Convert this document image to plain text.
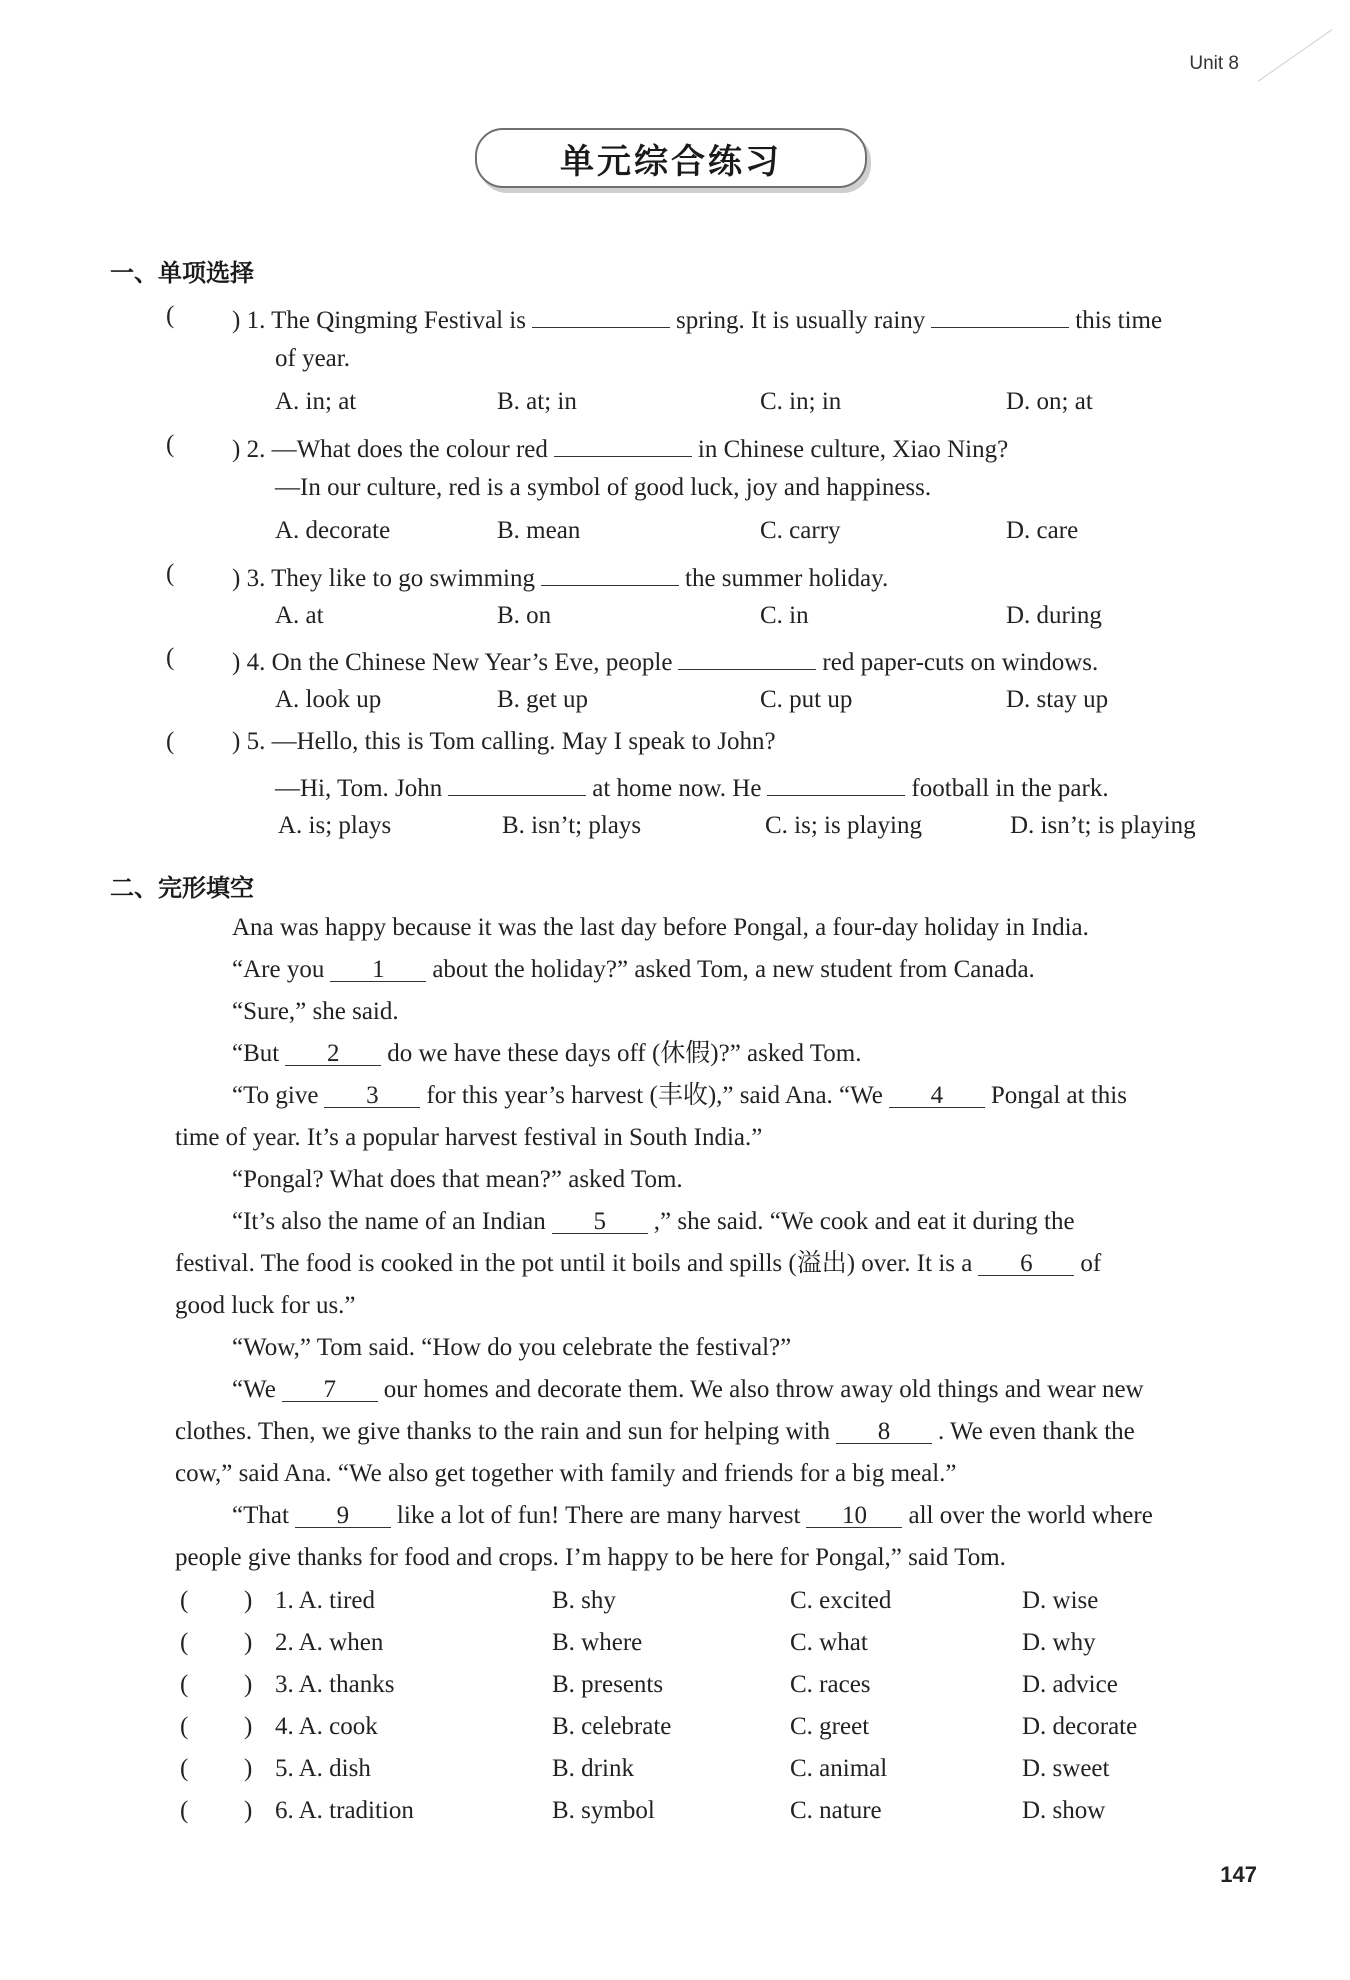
Unit 8
单元综合练习
一、单项选择
( ) 1. The Qingming Festival is	spring. It is usually rainy	this time
of year.
A. in; at	B. at; in	C. in; in	D. on; at
( ) 2. —What does the colour red	in Chinese culture, Xiao Ning?
—In our culture, red is a symbol of good luck, joy and happiness.
A. decorate	B. mean	C. carry	D. care
( ) 3. They like to go swimming	the summer holiday.
A. at	B. on	C. in	D. during
( ) 4. On the Chinese New Year’s Eve, people	red paper-cuts on windows.
A. look up	B. get up	C. put up	D. stay up
( ) 5. —Hello, this is Tom calling. May I speak to John?
—Hi, Tom. John	at home now. He	football in the park.
A. is; plays	B. isn’t; plays	C. is; is playing	D. isn’t; is playing
二、完形填空
Ana was happy because it was the last day before Pongal, a four-day holiday in India.
“Are you 1 about the holiday?” asked Tom, a new student from Canada.
“Sure,” she said.
“But 2 do we have these days off (休假)?” asked Tom.
“To give 3 for this year’s harvest (丰收),” said Ana. “We 4 Pongal at this
time of year. It’s a popular harvest festival in South India.”
“Pongal? What does that mean?” asked Tom.
“It’s also the name of an Indian 5 ,” she said. “We cook and eat it during the
festival. The food is cooked in the pot until it boils and spills (溢出) over. It is a 6 of
good luck for us.”
“Wow,” Tom said. “How do you celebrate the festival?”
“We 7 our homes and decorate them. We also throw away old things and wear new
clothes. Then, we give thanks to the rain and sun for helping with 8 . We even thank the
cow,” said Ana. “We also get together with family and friends for a big meal.”
“That 9 like a lot of fun! There are many harvest 10 all over the world where
people give thanks for food and crops. I’m happy to be here for Pongal,” said Tom.
( ) 1. A. tired	B. shy	C. excited	D. wise
( ) 2. A. when	B. where	C. what	D. why
( ) 3. A. thanks	B. presents	C. races	D. advice
( ) 4. A. cook	B. celebrate	C. greet	D. decorate
( ) 5. A. dish	B. drink	C. animal	D. sweet
( ) 6. A. tradition	B. symbol	C. nature	D. show
147
